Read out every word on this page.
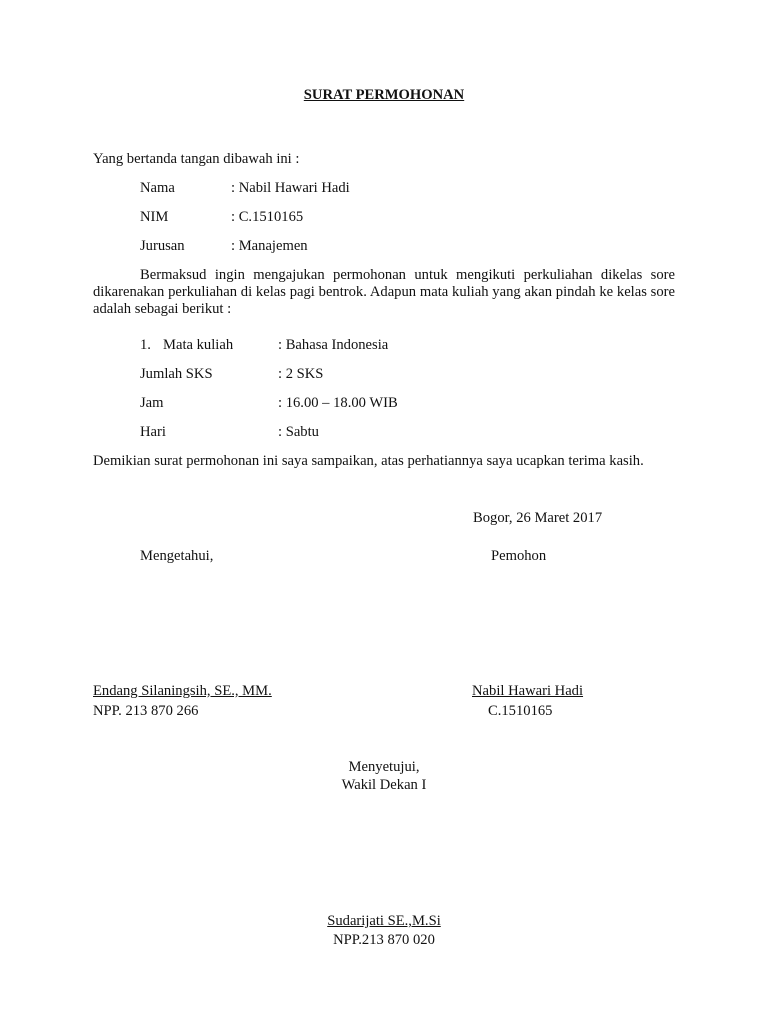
SURAT PERMOHONAN
Yang bertanda tangan dibawah ini :
Nama	: Nabil Hawari Hadi
NIM	: C.1510165
Jurusan	: Manajemen
Bermaksud ingin mengajukan permohonan untuk mengikuti perkuliahan dikelas sore dikarenakan perkuliahan di kelas pagi bentrok. Adapun mata kuliah yang akan pindah ke kelas sore adalah sebagai berikut :
1. Mata kuliah	: Bahasa Indonesia
Jumlah SKS	: 2 SKS
Jam	: 16.00 – 18.00 WIB
Hari	: Sabtu
Demikian surat permohonan ini saya sampaikan, atas perhatiannya saya ucapkan terima kasih.
Bogor, 26 Maret 2017
Mengetahui,	Pemohon
Endang Silaningsih, SE., MM.
NPP. 213 870 266
Nabil Hawari Hadi
C.1510165
Menyetujui,
Wakil Dekan I
Sudarijati SE.,M.Si
NPP.213 870 020
